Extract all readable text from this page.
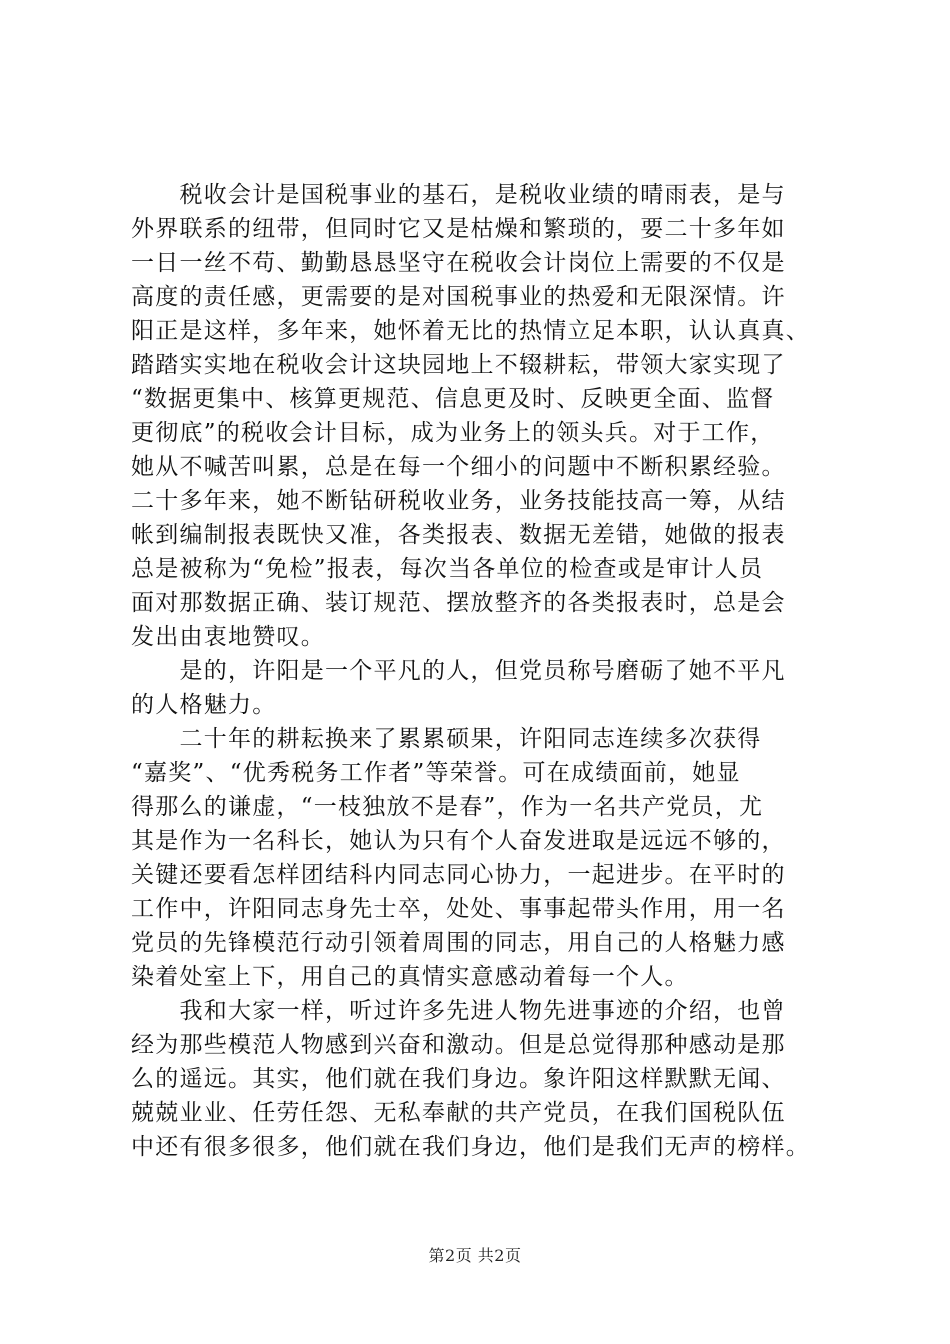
　　税收会计是国税事业的基石，是税收业绩的晴雨表，是与
外界联系的纽带，但同时它又是枯燥和繁琐的，要二十多年如
一日一丝不苟、勤勤恳恳坚守在税收会计岗位上需要的不仅是
高度的责任感，更需要的是对国税事业的热爱和无限深情。许
阳正是这样，多年来，她怀着无比的热情立足本职，认认真真、
踏踏实实地在税收会计这块园地上不辍耕耘，带领大家实现了
“数据更集中、核算更规范、信息更及时、反映更全面、监督
更彻底”的税收会计目标，成为业务上的领头兵。对于工作，
她从不喊苦叫累，总是在每一个细小的问题中不断积累经验。
二十多年来，她不断钻研税收业务，业务技能技高一筹，从结
帐到编制报表既快又准，各类报表、数据无差错，她做的报表
总是被称为“免检”报表，每次当各单位的检查或是审计人员
面对那数据正确、装订规范、摆放整齐的各类报表时，总是会
发出由衷地赞叹。
　　是的，许阳是一个平凡的人，但党员称号磨砺了她不平凡
的人格魅力。
　　二十年的耕耘换来了累累硕果，许阳同志连续多次获得
“嘉奖”、“优秀税务工作者”等荣誉。可在成绩面前，她显
得那么的谦虚，“一枝独放不是春”，作为一名共产党员，尤
其是作为一名科长，她认为只有个人奋发进取是远远不够的，
关键还要看怎样团结科内同志同心协力，一起进步。在平时的
工作中，许阳同志身先士卒，处处、事事起带头作用，用一名
党员的先锋模范行动引领着周围的同志，用自己的人格魅力感
染着处室上下，用自己的真情实意感动着每一个人。
　　我和大家一样，听过许多先进人物先进事迹的介绍，也曾
经为那些模范人物感到兴奋和激动。但是总觉得那种感动是那
么的遥远。其实，他们就在我们身边。象许阳这样默默无闻、
兢兢业业、任劳任怨、无私奉献的共产党员，在我们国税队伍
中还有很多很多，他们就在我们身边，他们是我们无声的榜样。
第2页 共2页
